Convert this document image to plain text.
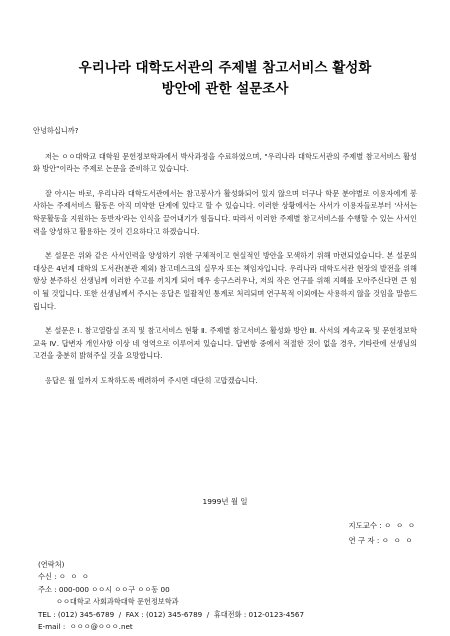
우리나라 대학도서관의 주제별 참고서비스 활성화
방안에 관한 설문조사

안녕하십니까?

저는 ㅇㅇ대학교 대학원 문헌정보학과에서 박사과정을 수료하였으며, "우리나라 대학도서관의 주제별 참고서비스 활성화 방안"이라는 주제로 논문을 준비하고 있습니다.

잘 아시는 바로, 우리나라 대학도서관에서는 참고봉사가 활성화되어 있지 않으며 더구나 학문 분야별로 이용자에게 봉사하는 주제서비스 활동은 아직 미약한 단계에 있다고 할 수 있습니다. 이러한 상황에서는 사서가 이용자들로부터 '사서는 학문활동을 지원하는 동반자'라는 인식을 끌어내기가 힘듭니다. 따라서 이러한 주제별 참고서비스를 수행할 수 있는 사서인력을 양성하고 활용하는 것이 긴요하다고 하겠습니다.

본 설문은 위와 같은 사서인력을 양성하기 위한 구체적이고 현실적인 방안을 모색하기 위해 마련되었습니다. 본 설문의 대상은 4년제 대학의 도서관(분관 제외) 참고데스크의 실무자 또는 책임자입니다. 우리나라 대학도서관 현장의 발전을 위해 항상 분주하신 선생님께 이러한 수고를 끼치게 되어 매우 송구스러우나, 저의 작은 연구를 위해 지혜를 모아주신다면 큰 힘이 될 것입니다. 또한 선생님께서 주시는 응답은 일괄적인 통계로 처리되며 연구목적 이외에는 사용하지 않을 것임을 말씀드립니다.

본 설문은 Ⅰ. 참고열람실 조직 및 참고서비스 현황 Ⅱ. 주제별 참고서비스 활성화 방안 Ⅲ. 사서의 계속교육 및 문헌정보학 교육 Ⅳ. 답변자 개인사항 이상 네 영역으로 이루어져 있습니다. 답변항 중에서 적절한 것이 없을 경우, 기타란에 선생님의 고견을 충분히 밝혀주실 것을 요망합니다.

응답은 월 일까지 도착하도록 배려하여 주시면 대단히 고맙겠습니다.

1999년 월 일
지도교수 : ㅇ  ㅇ  ㅇ
연 구 자 : ㅇ  ㅇ  ㅇ
(연락처)
수신 : ㅇ  ㅇ  ㅇ
주소 : 000-000 ㅇㅇ시 ㅇㅇ구 ㅇㅇ동 00
ㅇㅇ대학교 사회과학대학 문헌정보학과
TEL : (012) 345-6789  /  FAX : (012) 345-6789  /  휴대전화 : 012-0123-4567
E-mail :  ㅇㅇㅇ@ㅇㅇㅇ.net
